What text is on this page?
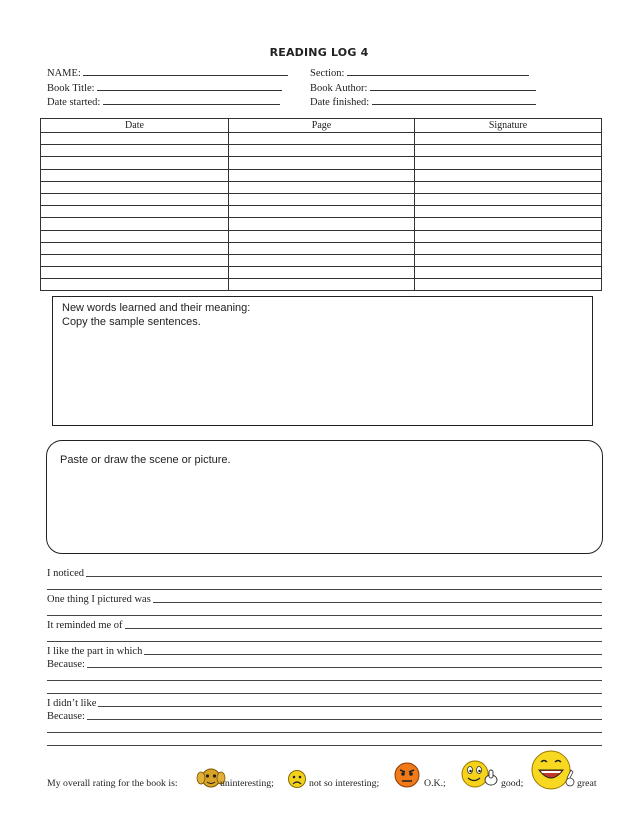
READING LOG 4
NAME:	Section:
Book Title:	Book Author:
Date started:	Date finished:
Date	Page	Signature

New words learned and their meaning:
Copy the sample sentences.
Paste or draw the scene or picture.
I noticed
One thing I pictured was
It reminded me of
I like the part in which
Because:
I didn’t like
Because:
My overall rating for the book is:	uninteresting;	not so interesting;	O.K.;	good;	great
